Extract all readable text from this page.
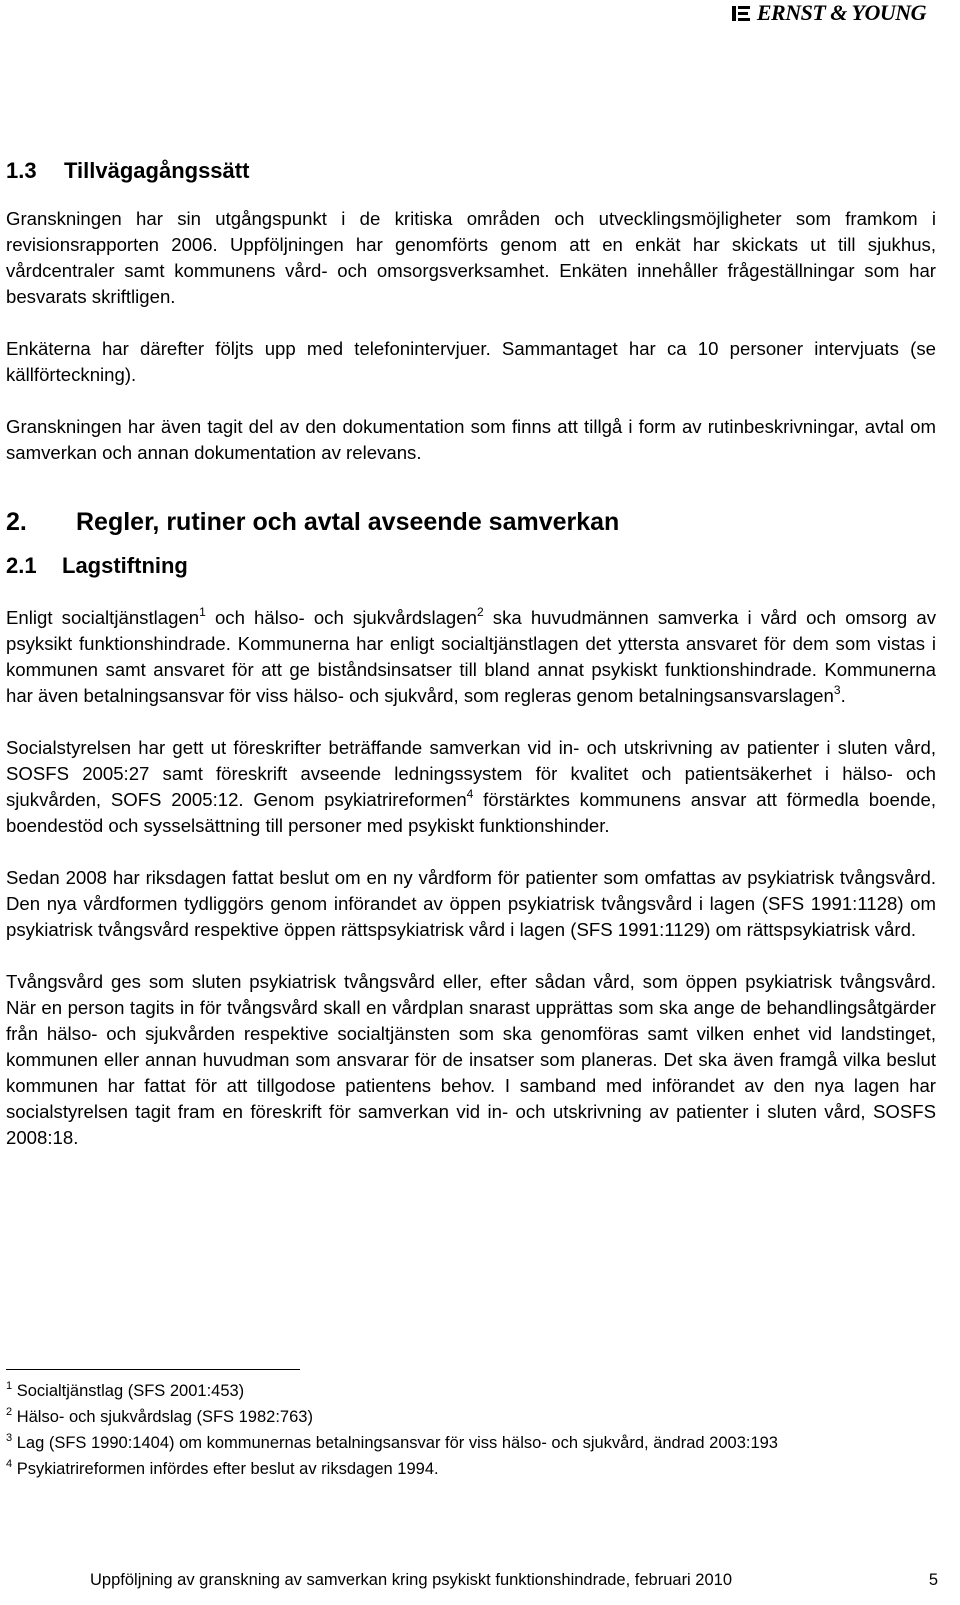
ERNST & YOUNG
1.3 Tillvägagångssätt

Granskningen har sin utgångspunkt i de kritiska områden och utvecklingsmöjligheter som framkom i revisionsrapporten 2006. Uppföljningen har genomförts genom att en enkät har skickats ut till sjukhus, vårdcentraler samt kommunens vård- och omsorgsverksamhet. Enkäten innehåller frågeställningar som har besvarats skriftligen.

Enkäterna har därefter följts upp med telefonintervjuer. Sammantaget har ca 10 personer intervjuats (se källförteckning).

Granskningen har även tagit del av den dokumentation som finns att tillgå i form av rutinbeskrivningar, avtal om samverkan och annan dokumentation av relevans.

2. Regler, rutiner och avtal avseende samverkan
2.1 Lagstiftning

Enligt socialtjänstlagen$^1$ och hälso- och sjukvårdslagen$^2$ ska huvudmännen samverka i vård och omsorg av psyksikt funktionshindrade. Kommunerna har enligt socialtjänstlagen det yttersta ansvaret för dem som vistas i kommunen samt ansvaret för att ge biståndsinsatser till bland annat psykiskt funktionshindrade. Kommunerna har även betalningsansvar för viss hälso- och sjukvård, som regleras genom betalningsansvarslagen$^3$.

Socialstyrelsen har gett ut föreskrifter beträffande samverkan vid in- och utskrivning av patienter i sluten vård, SOSFS 2005:27 samt föreskrift avseende ledningssystem för kvalitet och patientsäkerhet i hälso- och sjukvården, SOFS 2005:12. Genom psykiatrireformen$^4$ förstärktes kommunens ansvar att förmedla boende, boendestöd och sysselsättning till personer med psykiskt funktionshinder.

Sedan 2008 har riksdagen fattat beslut om en ny vårdform för patienter som omfattas av psykiatrisk tvångsvård. Den nya vårdformen tydliggörs genom införandet av öppen psykiatrisk tvångsvård i lagen (SFS 1991:1128) om psykiatrisk tvångsvård respektive öppen rättspsykiatrisk vård i lagen (SFS 1991:1129) om rättspsykiatrisk vård.

Tvångsvård ges som sluten psykiatrisk tvångsvård eller, efter sådan vård, som öppen psykiatrisk tvångsvård. När en person tagits in för tvångsvård skall en vårdplan snarast upprättas som ska ange de behandlingsåtgärder från hälso- och sjukvården respektive socialtjänsten som ska genomföras samt vilken enhet vid landstinget, kommunen eller annan huvudman som ansvarar för de insatser som planeras. Det ska även framgå vilka beslut kommunen har fattat för att tillgodose patientens behov. I samband med införandet av den nya lagen har socialstyrelsen tagit fram en föreskrift för samverkan vid in- och utskrivning av patienter i sluten vård, SOSFS 2008:18.

$^1$ Socialtjänstlag (SFS 2001:453)
$^2$ Hälso- och sjukvårdslag (SFS 1982:763)
$^3$ Lag (SFS 1990:1404) om kommunernas betalningsansvar för viss hälso- och sjukvård, ändrad 2003:193
$^4$ Psykiatrireformen infördes efter beslut av riksdagen 1994.
Uppföljning av granskning av samverkan kring psykiskt funktionshindrade, februari 2010	5
